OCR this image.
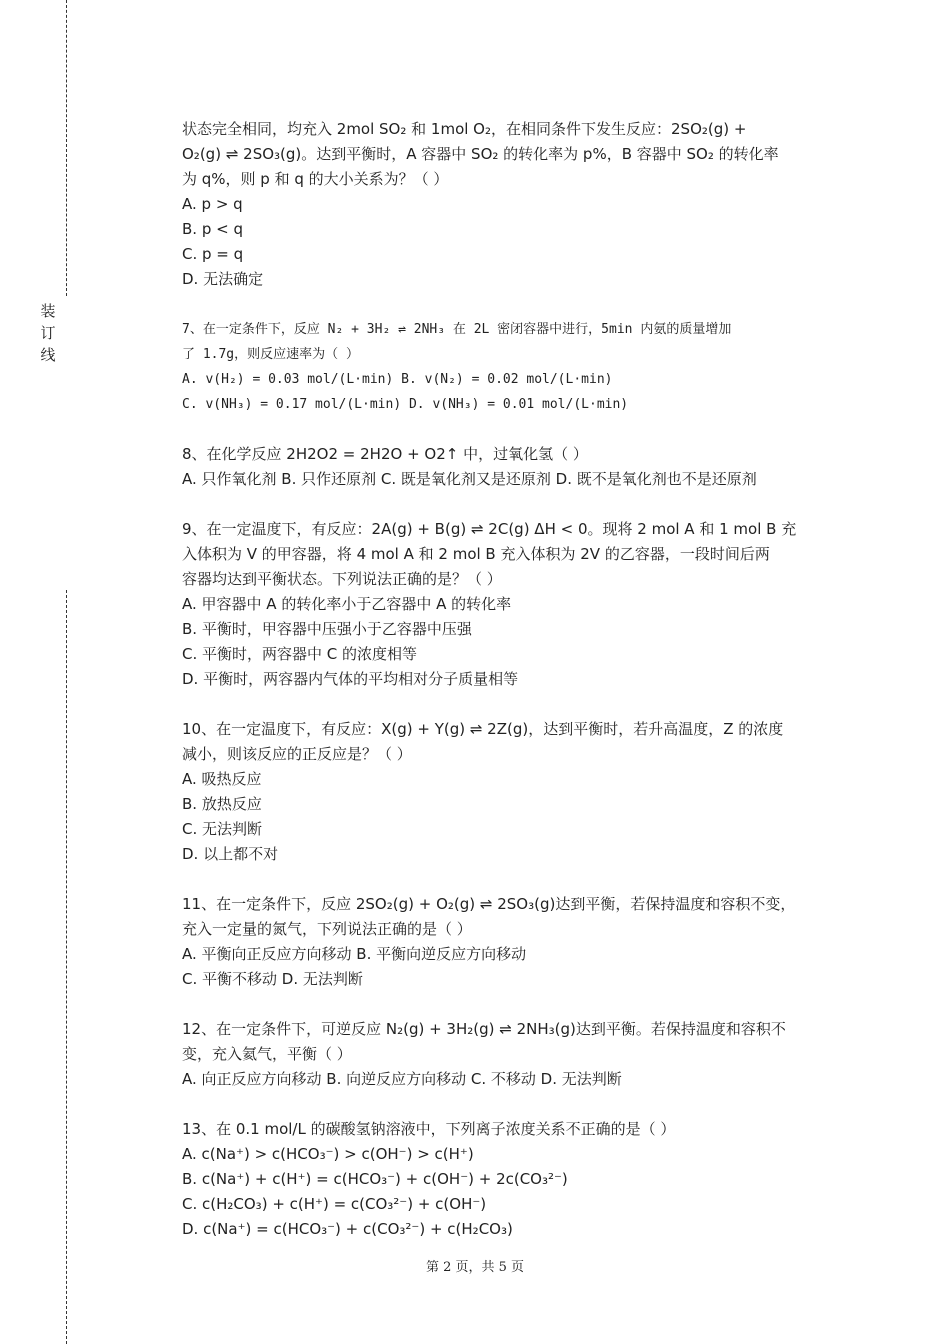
装
订
线
状态完全相同，均充入 2mol SO₂ 和 1mol O₂，在相同条件下发生反应：2SO₂(g) +
O₂(g) ⇌ 2SO₃(g)。达到平衡时，A 容器中 SO₂ 的转化率为 p%，B 容器中 SO₂ 的转化率
为 q%，则 p 和 q 的大小关系为？（ ）
A. p > q
B. p < q
C. p = q
D. 无法确定
7、在一定条件下，反应 N₂ + 3H₂ ⇌ 2NH₃ 在 2L 密闭容器中进行，5min 内氨的质量增加
了 1.7g，则反应速率为（ ）
A. v(H₂) = 0.03 mol/(L·min) B. v(N₂) = 0.02 mol/(L·min)
C. v(NH₃) = 0.17 mol/(L·min) D. v(NH₃) = 0.01 mol/(L·min)
8、在化学反应 2H2O2 = 2H2O + O2↑ 中，过氧化氢（ ）
A. 只作氧化剂 B. 只作还原剂 C. 既是氧化剂又是还原剂 D. 既不是氧化剂也不是还原剂
9、在一定温度下，有反应：2A(g) + B(g) ⇌ 2C(g) ΔH < 0。现将 2 mol A 和 1 mol B 充
入体积为 V 的甲容器，将 4 mol A 和 2 mol B 充入体积为 2V 的乙容器，一段时间后两
容器均达到平衡状态。下列说法正确的是？（ ）
A. 甲容器中 A 的转化率小于乙容器中 A 的转化率
B. 平衡时，甲容器中压强小于乙容器中压强
C. 平衡时，两容器中 C 的浓度相等
D. 平衡时，两容器内气体的平均相对分子质量相等
10、在一定温度下，有反应：X(g) + Y(g) ⇌ 2Z(g)，达到平衡时，若升高温度，Z 的浓度
减小，则该反应的正反应是？（ ）
A. 吸热反应
B. 放热反应
C. 无法判断
D. 以上都不对
11、在一定条件下，反应 2SO₂(g) + O₂(g) ⇌ 2SO₃(g)达到平衡，若保持温度和容积不变，
充入一定量的氮气，下列说法正确的是（ ）
A. 平衡向正反应方向移动 B. 平衡向逆反应方向移动
C. 平衡不移动 D. 无法判断
12、在一定条件下，可逆反应 N₂(g) + 3H₂(g) ⇌ 2NH₃(g)达到平衡。若保持温度和容积不
变，充入氦气，平衡（ ）
A. 向正反应方向移动 B. 向逆反应方向移动 C. 不移动 D. 无法判断
13、在 0.1 mol/L 的碳酸氢钠溶液中，下列离子浓度关系不正确的是（ ）
A. c(Na⁺) > c(HCO₃⁻) > c(OH⁻) > c(H⁺)
B. c(Na⁺) + c(H⁺) = c(HCO₃⁻) + c(OH⁻) + 2c(CO₃²⁻)
C. c(H₂CO₃) + c(H⁺) = c(CO₃²⁻) + c(OH⁻)
D. c(Na⁺) = c(HCO₃⁻) + c(CO₃²⁻) + c(H₂CO₃)
第 2 页，共 5 页
